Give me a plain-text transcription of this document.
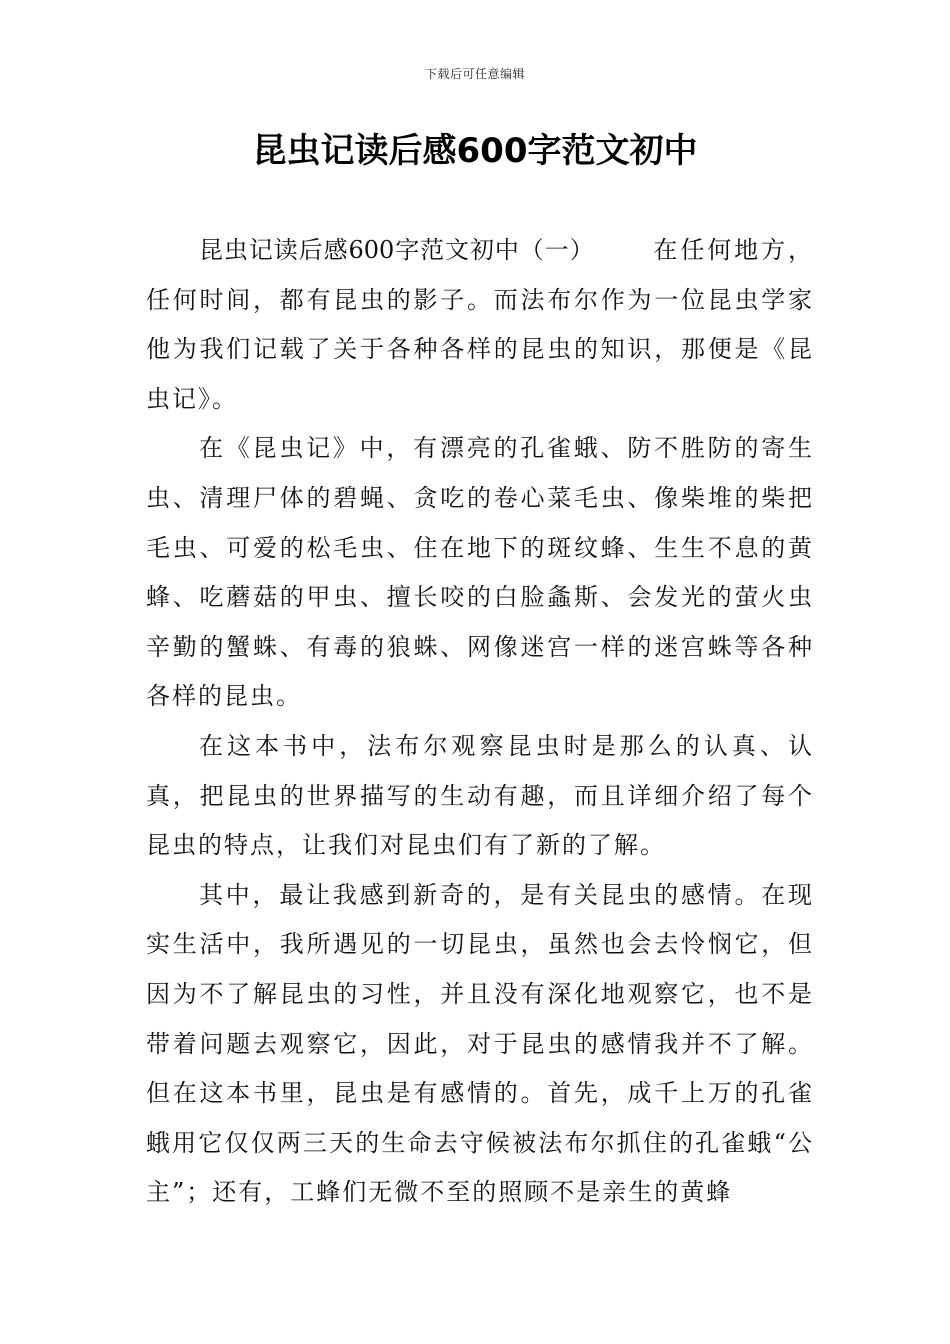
下载后可任意编辑
昆虫记读后感600字范文初中

昆虫记读后感600字范文初中（一） 在任何地方，任何时间，都有昆虫的影子。而法布尔作为一位昆虫学家他为我们记载了关于各种各样的昆虫的知识，那便是《昆虫记》。

在《昆虫记》中，有漂亮的孔雀蛾、防不胜防的寄生虫、清理尸体的碧蝇、贪吃的卷心菜毛虫、像柴堆的柴把毛虫、可爱的松毛虫、住在地下的斑纹蜂、生生不息的黄蜂、吃蘑菇的甲虫、擅长咬的白脸螽斯、会发光的萤火虫辛勤的蟹蛛、有毒的狼蛛、网像迷宫一样的迷宫蛛等各种各样的昆虫。

在这本书中，法布尔观察昆虫时是那么的认真、认真，把昆虫的世界描写的生动有趣，而且详细介绍了每个昆虫的特点，让我们对昆虫们有了新的了解。

其中，最让我感到新奇的，是有关昆虫的感情。在现实生活中，我所遇见的一切昆虫，虽然也会去怜悯它，但因为不了解昆虫的习性，并且没有深化地观察它，也不是带着问题去观察它，因此，对于昆虫的感情我并不了解。但在这本书里，昆虫是有感情的。首先，成千上万的孔雀蛾用它仅仅两三天的生命去守候被法布尔抓住的孔雀蛾“公主”；还有，工蜂们无微不至的照顾不是亲生的黄蜂
